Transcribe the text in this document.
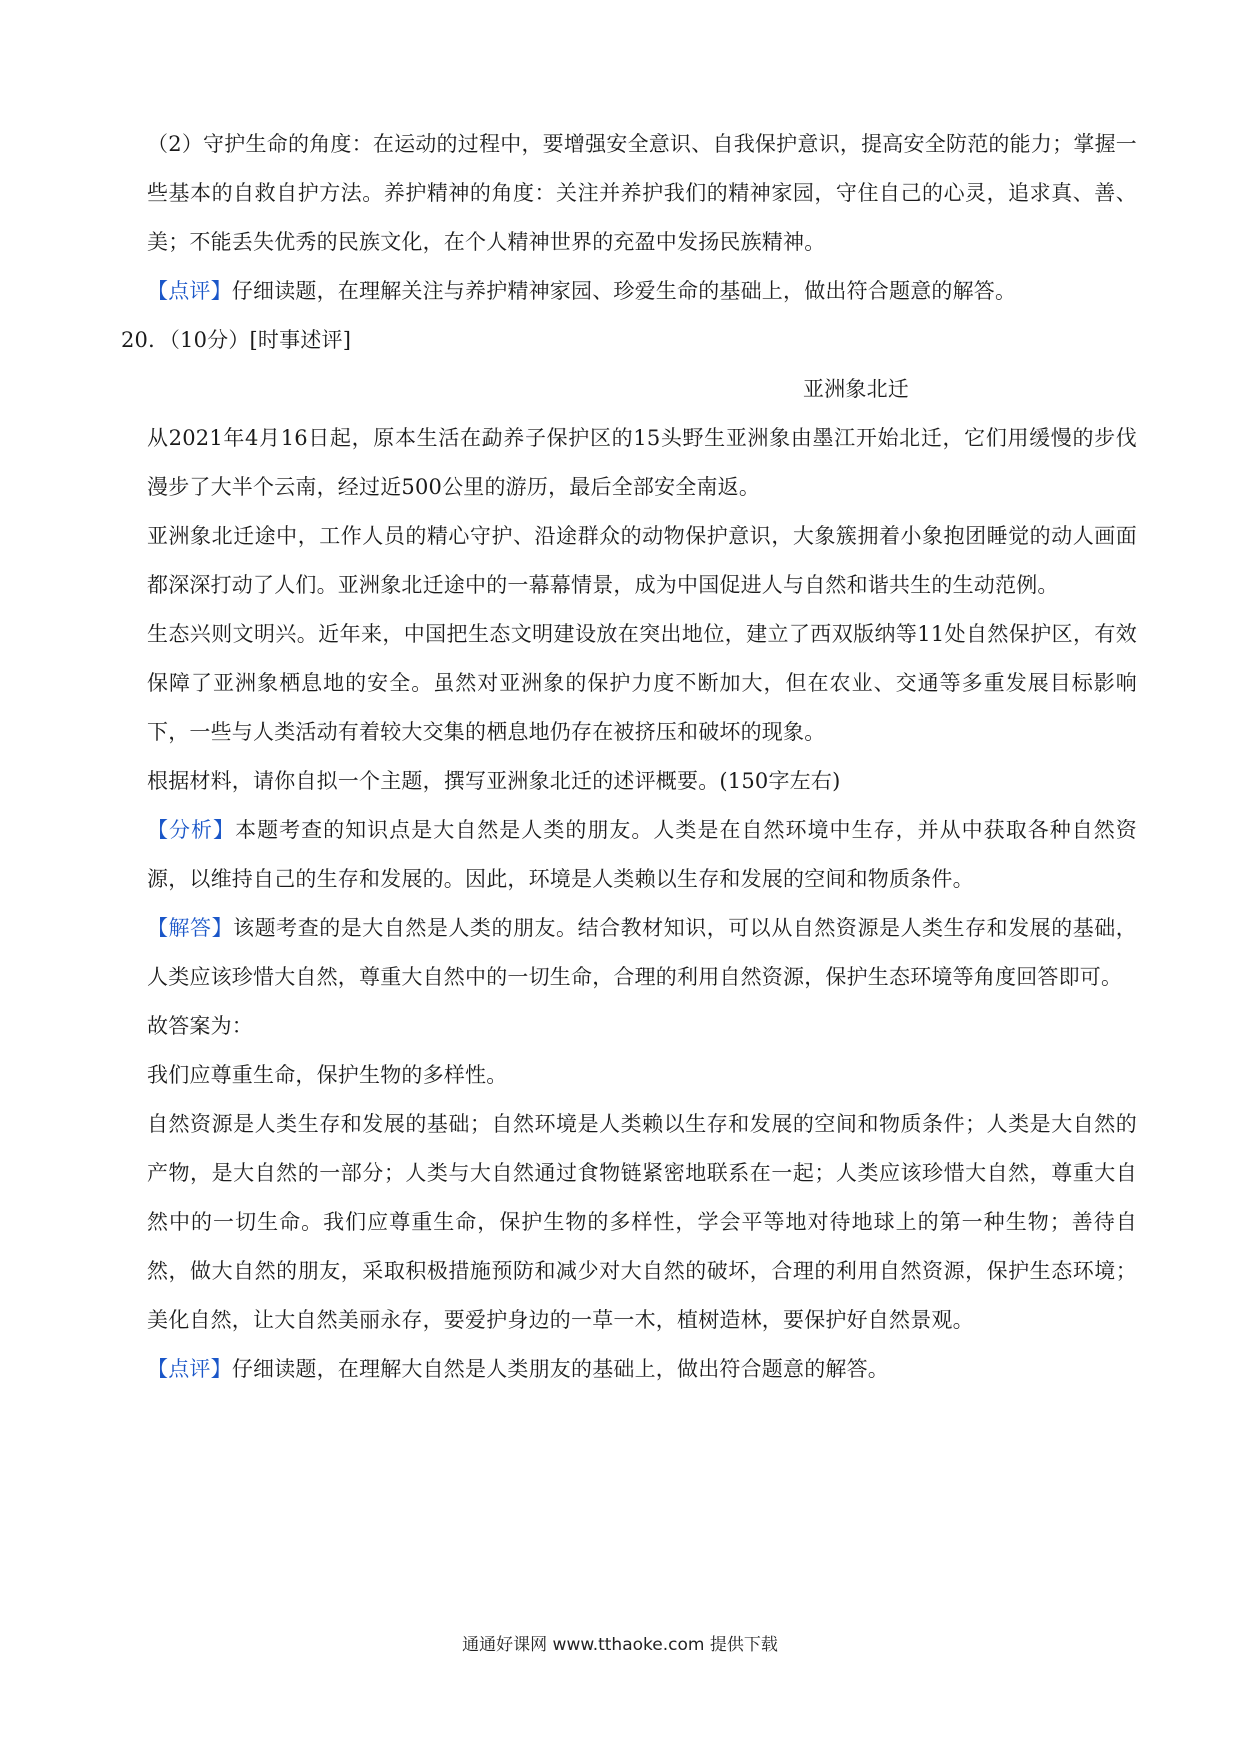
（2）守护生命的角度：在运动的过程中，要增强安全意识、自我保护意识，提高安全防范的能力；掌握一些基本的自救自护方法。养护精神的角度：关注并养护我们的精神家园，守住自己的心灵，追求真、善、美；不能丢失优秀的民族文化，在个人精神世界的充盈中发扬民族精神。

【点评】仔细读题，在理解关注与养护精神家园、珍爱生命的基础上，做出符合题意的解答。

20．（10分）[时事述评]

亚洲象北迁

从2021年4月16日起，原本生活在勐养子保护区的15头野生亚洲象由墨江开始北迁，它们用缓慢的步伐漫步了大半个云南，经过近500公里的游历，最后全部安全南返。

亚洲象北迁途中，工作人员的精心守护、沿途群众的动物保护意识，大象簇拥着小象抱团睡觉的动人画面都深深打动了人们。亚洲象北迁途中的一幕幕情景，成为中国促进人与自然和谐共生的生动范例。

生态兴则文明兴。近年来，中国把生态文明建设放在突出地位，建立了西双版纳等11处自然保护区，有效保障了亚洲象栖息地的安全。虽然对亚洲象的保护力度不断加大，但在农业、交通等多重发展目标影响下，一些与人类活动有着较大交集的栖息地仍存在被挤压和破坏的现象。

根据材料，请你自拟一个主题，撰写亚洲象北迁的述评概要。(150字左右)

【分析】本题考查的知识点是大自然是人类的朋友。人类是在自然环境中生存，并从中获取各种自然资源，以维持自己的生存和发展的。因此，环境是人类赖以生存和发展的空间和物质条件。

【解答】该题考查的是大自然是人类的朋友。结合教材知识，可以从自然资源是人类生存和发展的基础，人类应该珍惜大自然，尊重大自然中的一切生命，合理的利用自然资源，保护生态环境等角度回答即可。

故答案为：

我们应尊重生命，保护生物的多样性。

自然资源是人类生存和发展的基础；自然环境是人类赖以生存和发展的空间和物质条件；人类是大自然的产物，是大自然的一部分；人类与大自然通过食物链紧密地联系在一起；人类应该珍惜大自然，尊重大自然中的一切生命。我们应尊重生命，保护生物的多样性，学会平等地对待地球上的第一种生物；善待自然，做大自然的朋友，采取积极措施预防和减少对大自然的破坏，合理的利用自然资源，保护生态环境；美化自然，让大自然美丽永存，要爱护身边的一草一木，植树造林，要保护好自然景观。

【点评】仔细读题，在理解大自然是人类朋友的基础上，做出符合题意的解答。

通通好课网 www.tthaoke.com 提供下载
